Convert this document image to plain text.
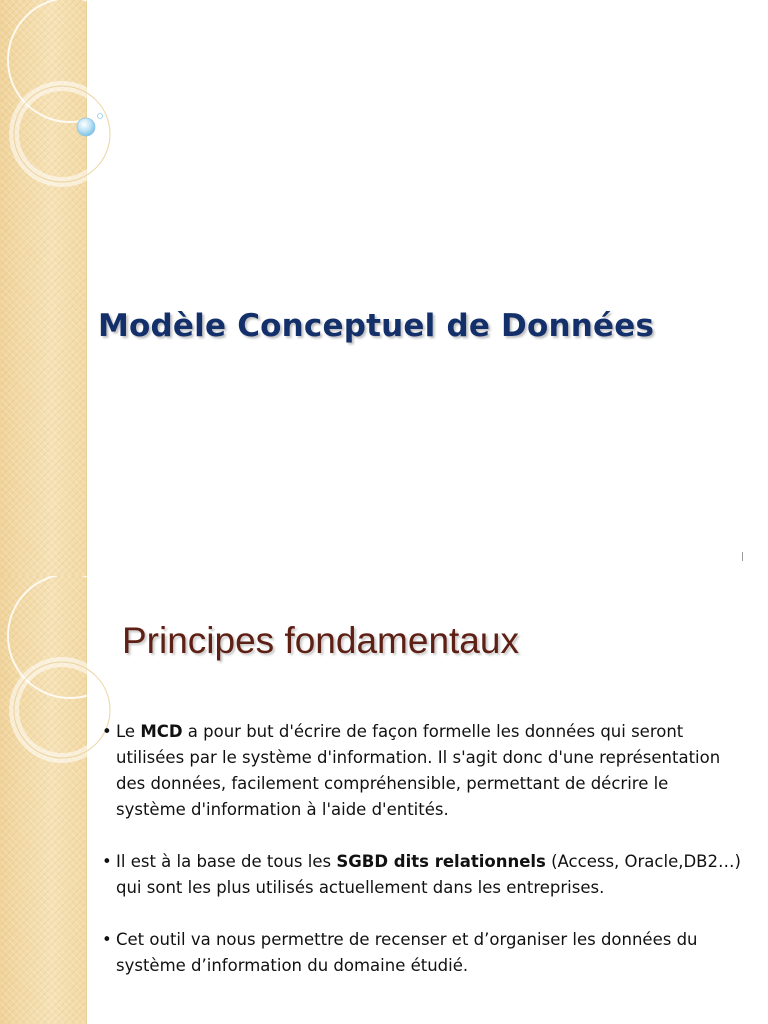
Modèle Conceptuel de Données
Principes fondamentaux
• Le MCD a pour but d'écrire de façon formelle les données qui seront utilisées par le système d'information. Il s'agit donc d'une représentation des données, facilement compréhensible, permettant de décrire le système d'information à l'aide d'entités.
• Il est à la base de tous les SGBD dits relationnels (Access, Oracle,DB2…) qui sont les plus utilisés actuellement dans les entreprises.
• Cet outil va nous permettre de recenser et d’organiser les données du système d’information du domaine étudié.
